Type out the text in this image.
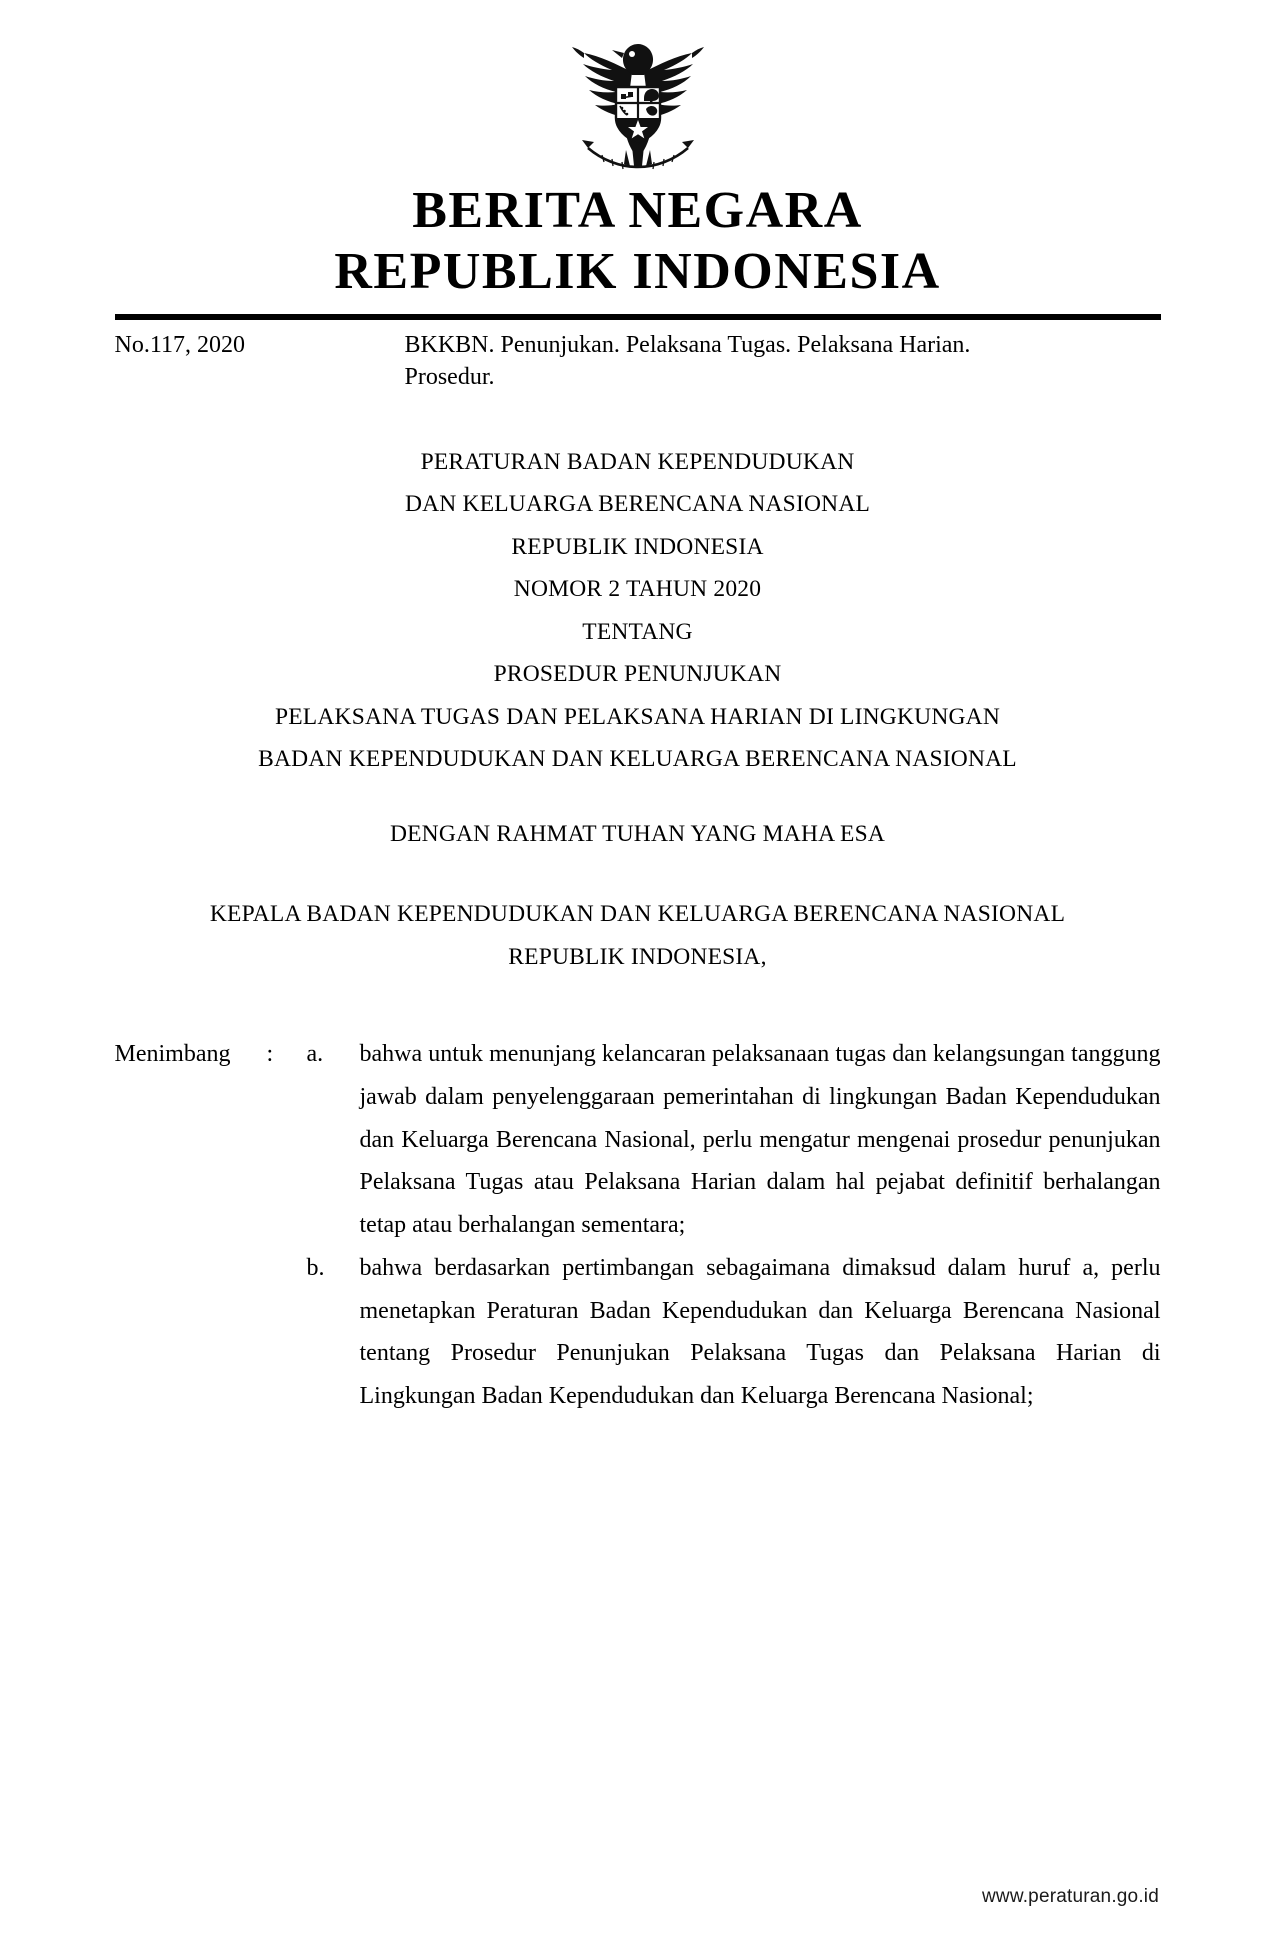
BERITA NEGARA
REPUBLIK INDONESIA
No.117, 2020	BKKBN. Penunjukan. Pelaksana Tugas. Pelaksana Harian. Prosedur.
PERATURAN BADAN KEPENDUDUKAN
DAN KELUARGA BERENCANA NASIONAL
REPUBLIK INDONESIA
NOMOR 2 TAHUN 2020
TENTANG
PROSEDUR PENUNJUKAN
PELAKSANA TUGAS DAN PELAKSANA HARIAN DI LINGKUNGAN
BADAN KEPENDUDUKAN DAN KELUARGA BERENCANA NASIONAL
DENGAN RAHMAT TUHAN YANG MAHA ESA
KEPALA BADAN KEPENDUDUKAN DAN KELUARGA BERENCANA NASIONAL
REPUBLIK INDONESIA,
Menimbang	:	a.	bahwa untuk menunjang kelancaran pelaksanaan tugas dan kelangsungan tanggung jawab dalam penyelenggaraan pemerintahan di lingkungan Badan Kependudukan dan Keluarga Berencana Nasional, perlu mengatur mengenai prosedur penunjukan Pelaksana Tugas atau Pelaksana Harian dalam hal pejabat definitif berhalangan tetap atau berhalangan sementara;
b.	bahwa berdasarkan pertimbangan sebagaimana dimaksud dalam huruf a, perlu menetapkan Peraturan Badan Kependudukan dan Keluarga Berencana Nasional tentang Prosedur Penunjukan Pelaksana Tugas dan Pelaksana Harian di Lingkungan Badan Kependudukan dan Keluarga Berencana Nasional;
www.peraturan.go.id
